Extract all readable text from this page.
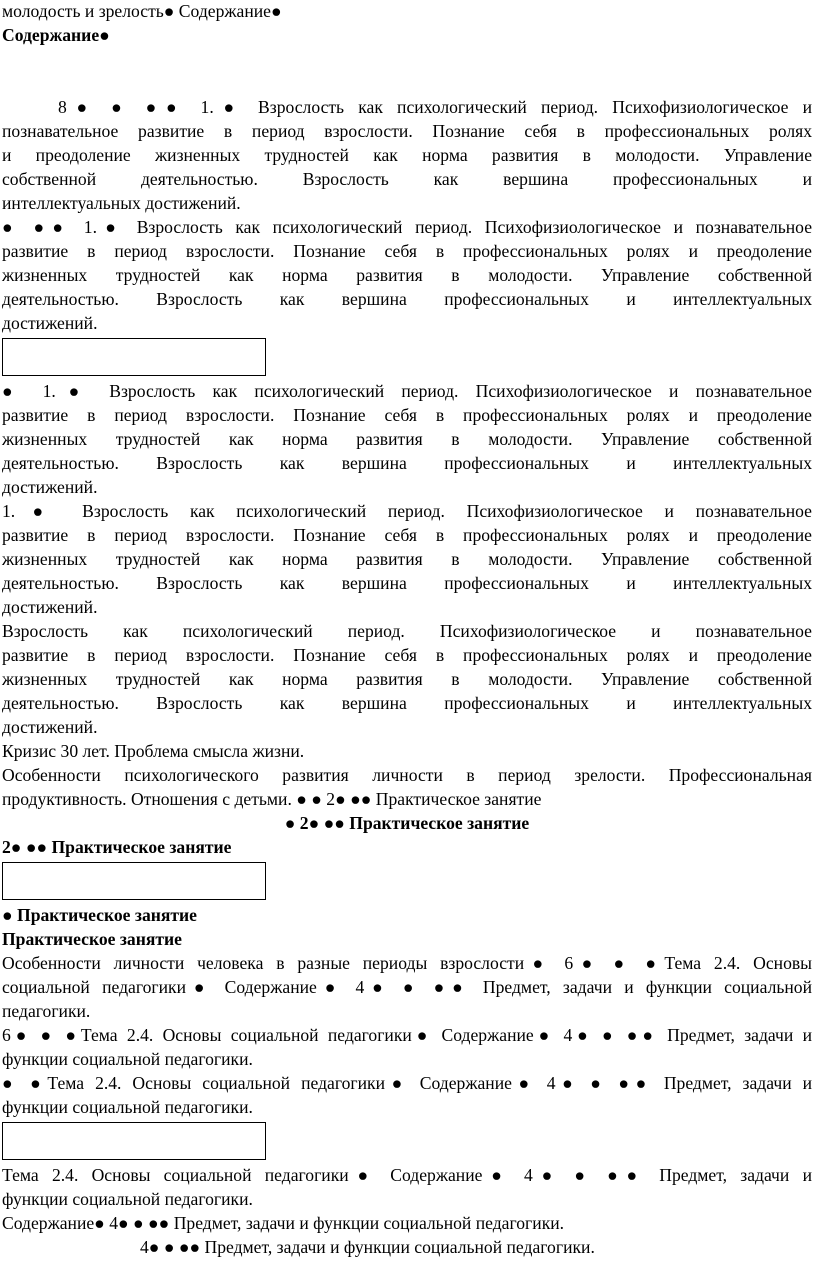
молодость и зрелость● Содержание●
Содержание●
8● ● ●● 1.● Взрослость как психологический период. Психофизиологическое и
познавательное развитие в период взрослости. Познание себя в профессиональных ролях
и преодоление жизненных трудностей как норма развития в молодости. Управление
собственной деятельностью. Взрослость как вершина профессиональных и
интеллектуальных достижений.
● ●● 1.● Взрослость как психологический период. Психофизиологическое и познавательное
развитие в период взрослости. Познание себя в профессиональных ролях и преодоление
жизненных трудностей как норма развития в молодости. Управление собственной
деятельностью. Взрослость как вершина профессиональных и интеллектуальных
достижений.
● 1.● Взрослость как психологический период. Психофизиологическое и познавательное
развитие в период взрослости. Познание себя в профессиональных ролях и преодоление
жизненных трудностей как норма развития в молодости. Управление собственной
деятельностью. Взрослость как вершина профессиональных и интеллектуальных
достижений.
1.● Взрослость как психологический период. Психофизиологическое и познавательное
развитие в период взрослости. Познание себя в профессиональных ролях и преодоление
жизненных трудностей как норма развития в молодости. Управление собственной
деятельностью. Взрослость как вершина профессиональных и интеллектуальных
достижений.
Взрослость как психологический период. Психофизиологическое и познавательное
развитие в период взрослости. Познание себя в профессиональных ролях и преодоление
жизненных трудностей как норма развития в молодости. Управление собственной
деятельностью. Взрослость как вершина профессиональных и интеллектуальных
достижений.
Кризис 30 лет. Проблема смысла жизни.
Особенности психологического развития личности в период зрелости. Профессиональная
продуктивность. Отношения с детьми. ● ● 2● ●● Практическое занятие
● 2● ●● Практическое занятие
2● ●● Практическое занятие
● Практическое занятие
Практическое занятие
Особенности личности человека в разные периоды взрослости● 6● ● ●Тема 2.4. Основы
социальной педагогики● Содержание● 4● ● ●● Предмет, задачи и функции социальной
педагогики.
6● ● ●Тема 2.4. Основы социальной педагогики● Содержание● 4● ● ●● Предмет, задачи и
функции социальной педагогики.
● ●Тема 2.4. Основы социальной педагогики● Содержание● 4● ● ●● Предмет, задачи и
функции социальной педагогики.
Тема 2.4. Основы социальной педагогики● Содержание● 4● ● ●● Предмет, задачи и
функции социальной педагогики.
Содержание● 4● ● ●● Предмет, задачи и функции социальной педагогики.
4● ● ●● Предмет, задачи и функции социальной педагогики.
